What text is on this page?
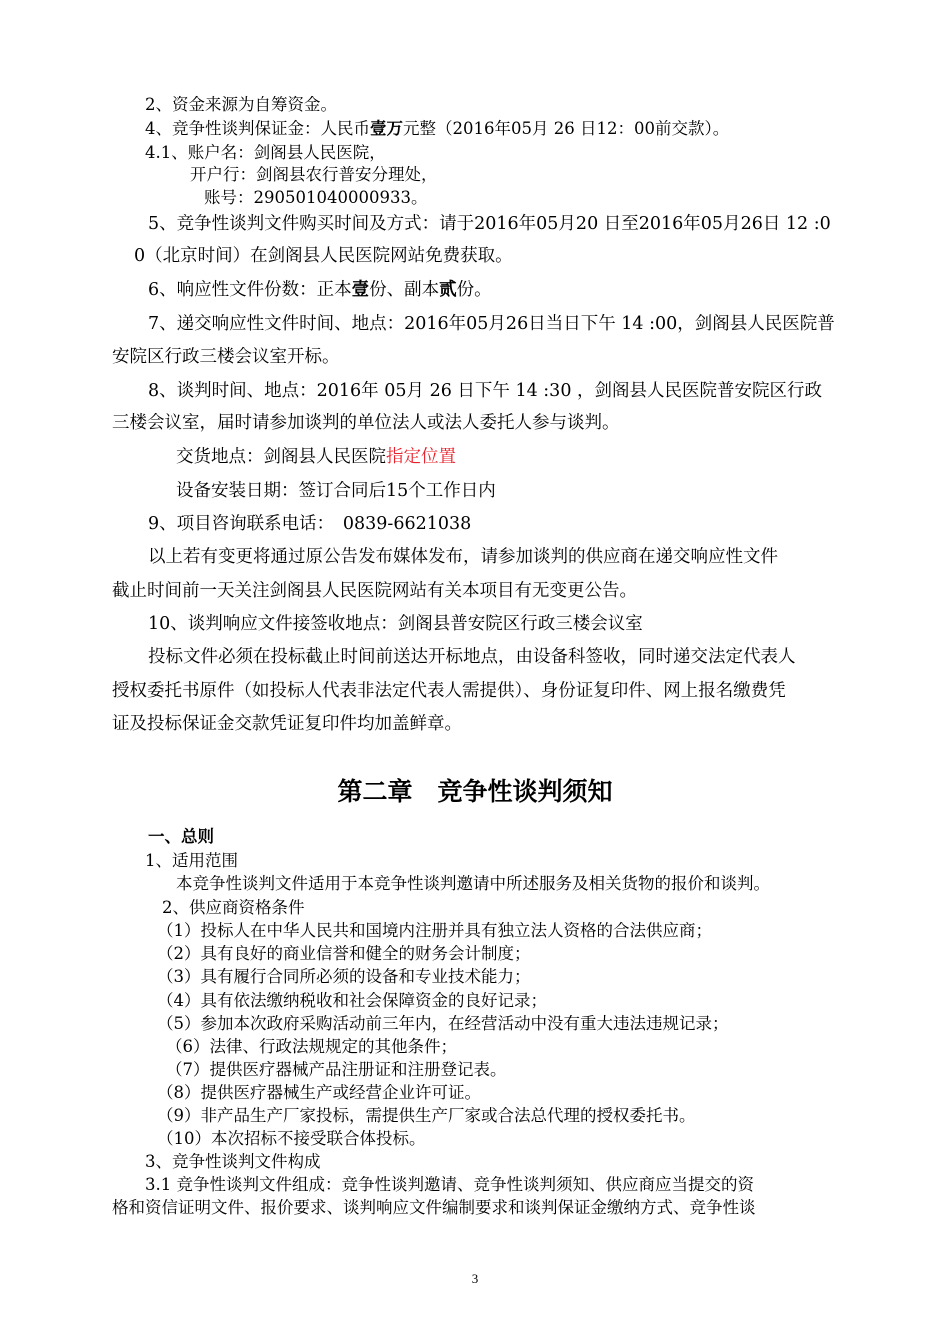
2、资金来源为自筹资金。
4、竞争性谈判保证金：人民币壹万元整（2016年05月 26 日12：00前交款）。
4.1、账户名：剑阁县人民医院，
开户行：剑阁县农行普安分理处，
账号：290501040000933。
5、竞争性谈判文件购买时间及方式：请于2016年05月20 日至2016年05月26日 12 :0
0（北京时间）在剑阁县人民医院网站免费获取。
6、响应性文件份数：正本壹份、副本贰份。
7、递交响应性文件时间、地点：2016年05月26日当日下午 14 :00，剑阁县人民医院普
安院区行政三楼会议室开标。
8、谈判时间、地点：2016年 05月 26 日下午 14 :30 ，剑阁县人民医院普安院区行政
三楼会议室，届时请参加谈判的单位法人或法人委托人参与谈判。
交货地点：剑阁县人民医院指定位置
设备安装日期：签订合同后15个工作日内
9、项目咨询联系电话：　0839-6621038
以上若有变更将通过原公告发布媒体发布，请参加谈判的供应商在递交响应性文件
截止时间前一天关注剑阁县人民医院网站有关本项目有无变更公告。
10、谈判响应文件接签收地点：剑阁县普安院区行政三楼会议室
投标文件必须在投标截止时间前送达开标地点，由设备科签收，同时递交法定代表人
授权委托书原件（如投标人代表非法定代表人需提供）、身份证复印件、网上报名缴费凭
证及投标保证金交款凭证复印件均加盖鲜章。
第二章　竞争性谈判须知
一、总则
1、适用范围
本竞争性谈判文件适用于本竞争性谈判邀请中所述服务及相关货物的报价和谈判。
2、供应商资格条件
（1）投标人在中华人民共和国境内注册并具有独立法人资格的合法供应商；
（2）具有良好的商业信誉和健全的财务会计制度；
（3）具有履行合同所必须的设备和专业技术能力；
（4）具有依法缴纳税收和社会保障资金的良好记录；
（5）参加本次政府采购活动前三年内，在经营活动中没有重大违法违规记录；
（6）法律、行政法规规定的其他条件；
（7）提供医疗器械产品注册证和注册登记表。
（8）提供医疗器械生产或经营企业许可证。
（9）非产品生产厂家投标，需提供生产厂家或合法总代理的授权委托书。
（10）本次招标不接受联合体投标。
3、竞争性谈判文件构成
3.1 竞争性谈判文件组成：竞争性谈判邀请、竞争性谈判须知、供应商应当提交的资
格和资信证明文件、报价要求、谈判响应文件编制要求和谈判保证金缴纳方式、竞争性谈
3
